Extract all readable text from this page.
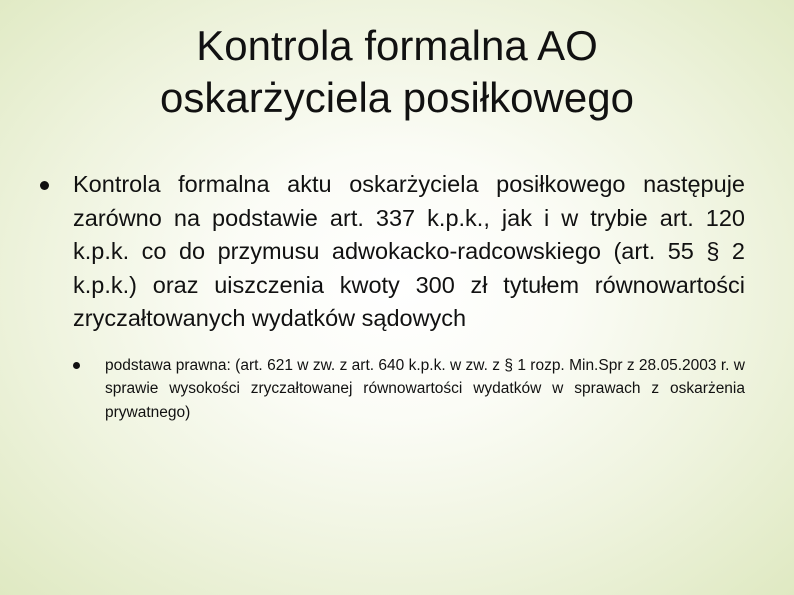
Kontrola formalna AO
oskarżyciela posiłkowego
Kontrola formalna aktu oskarżyciela posiłkowego następuje zarówno na podstawie art. 337 k.p.k., jak i w trybie art. 120 k.p.k. co do przymusu adwokacko-radcowskiego (art. 55 § 2 k.p.k.) oraz uiszczenia kwoty 300 zł tytułem równowartości zryczałtowanych wydatków sądowych
podstawa prawna: (art. 621 w zw. z art. 640 k.p.k. w zw. z § 1 rozp. Min.Spr z 28.05.2003 r. w sprawie wysokości zryczałtowanej równowartości wydatków w sprawach z oskarżenia prywatnego)
